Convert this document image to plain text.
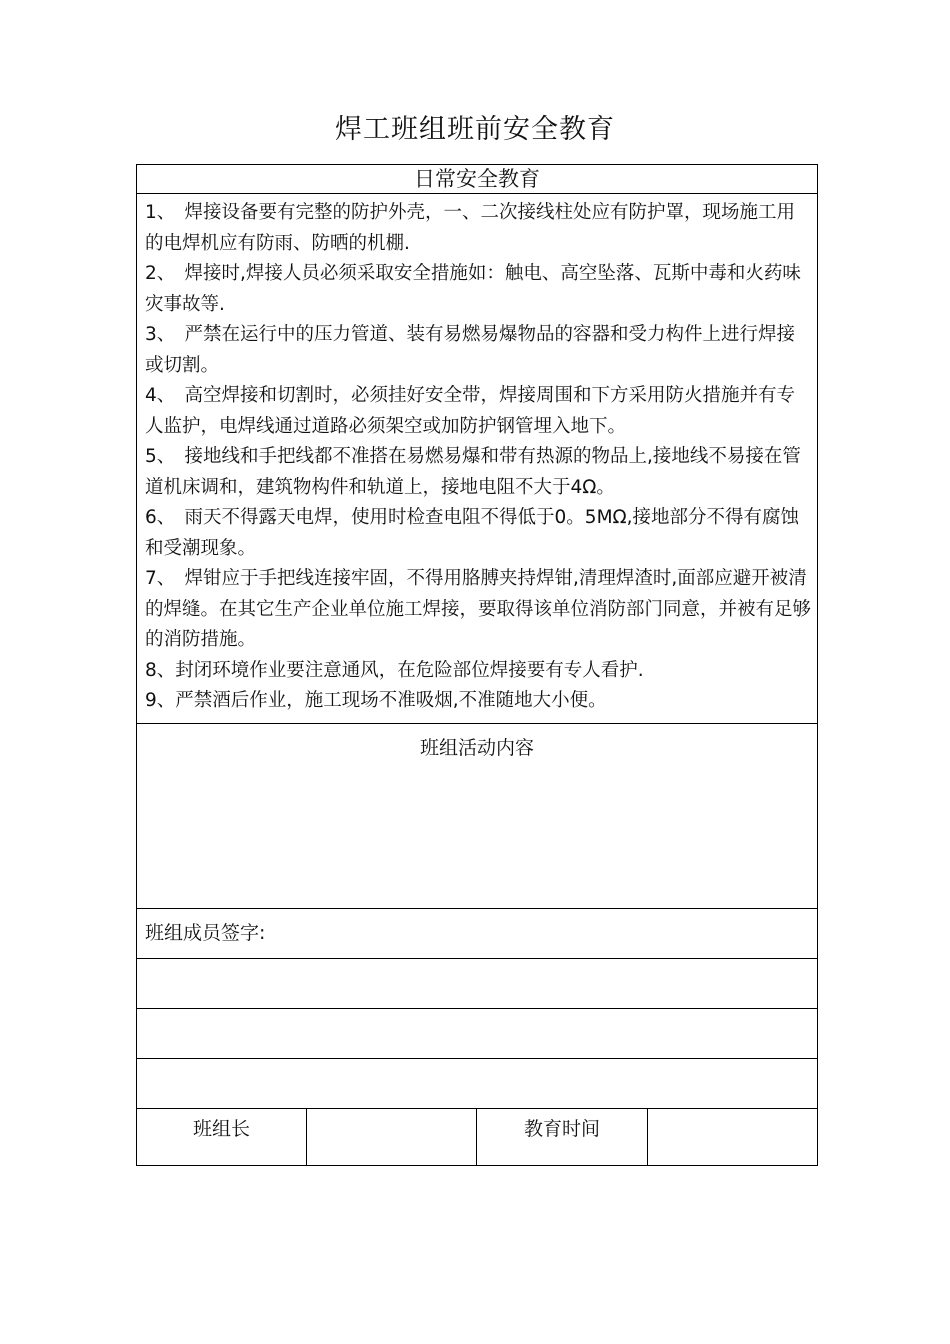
焊工班组班前安全教育
日常安全教育

1、　焊接设备要有完整的防护外壳，一、二次接线柱处应有防护罩，现场施工用的电焊机应有防雨、防晒的机棚.

2、　焊接时,焊接人员必须采取安全措施如：触电、高空坠落、瓦斯中毒和火药味灾事故等.

3、　严禁在运行中的压力管道、装有易燃易爆物品的容器和受力构件上进行焊接或切割。

4、　高空焊接和切割时，必须挂好安全带，焊接周围和下方采用防火措施并有专人监护，电焊线通过道路必须架空或加防护钢管埋入地下。

5、　接地线和手把线都不准搭在易燃易爆和带有热源的物品上,接地线不易接在管道机床调和，建筑物构件和轨道上，接地电阻不大于4Ω。

6、　雨天不得露天电焊，使用时检查电阻不得低于0。5MΩ,接地部分不得有腐蚀和受潮现象。

7、　焊钳应于手把线连接牢固，不得用胳膊夹持焊钳,清理焊渣时,面部应避开被清的焊缝。在其它生产企业单位施工焊接，要取得该单位消防部门同意，并被有足够的消防措施。

8、封闭环境作业要注意通风，在危险部位焊接要有专人看护.

9、严禁酒后作业，施工现场不准吸烟,不准随地大小便。

班组活动内容

班组成员签字:

班组长		教育时间	
